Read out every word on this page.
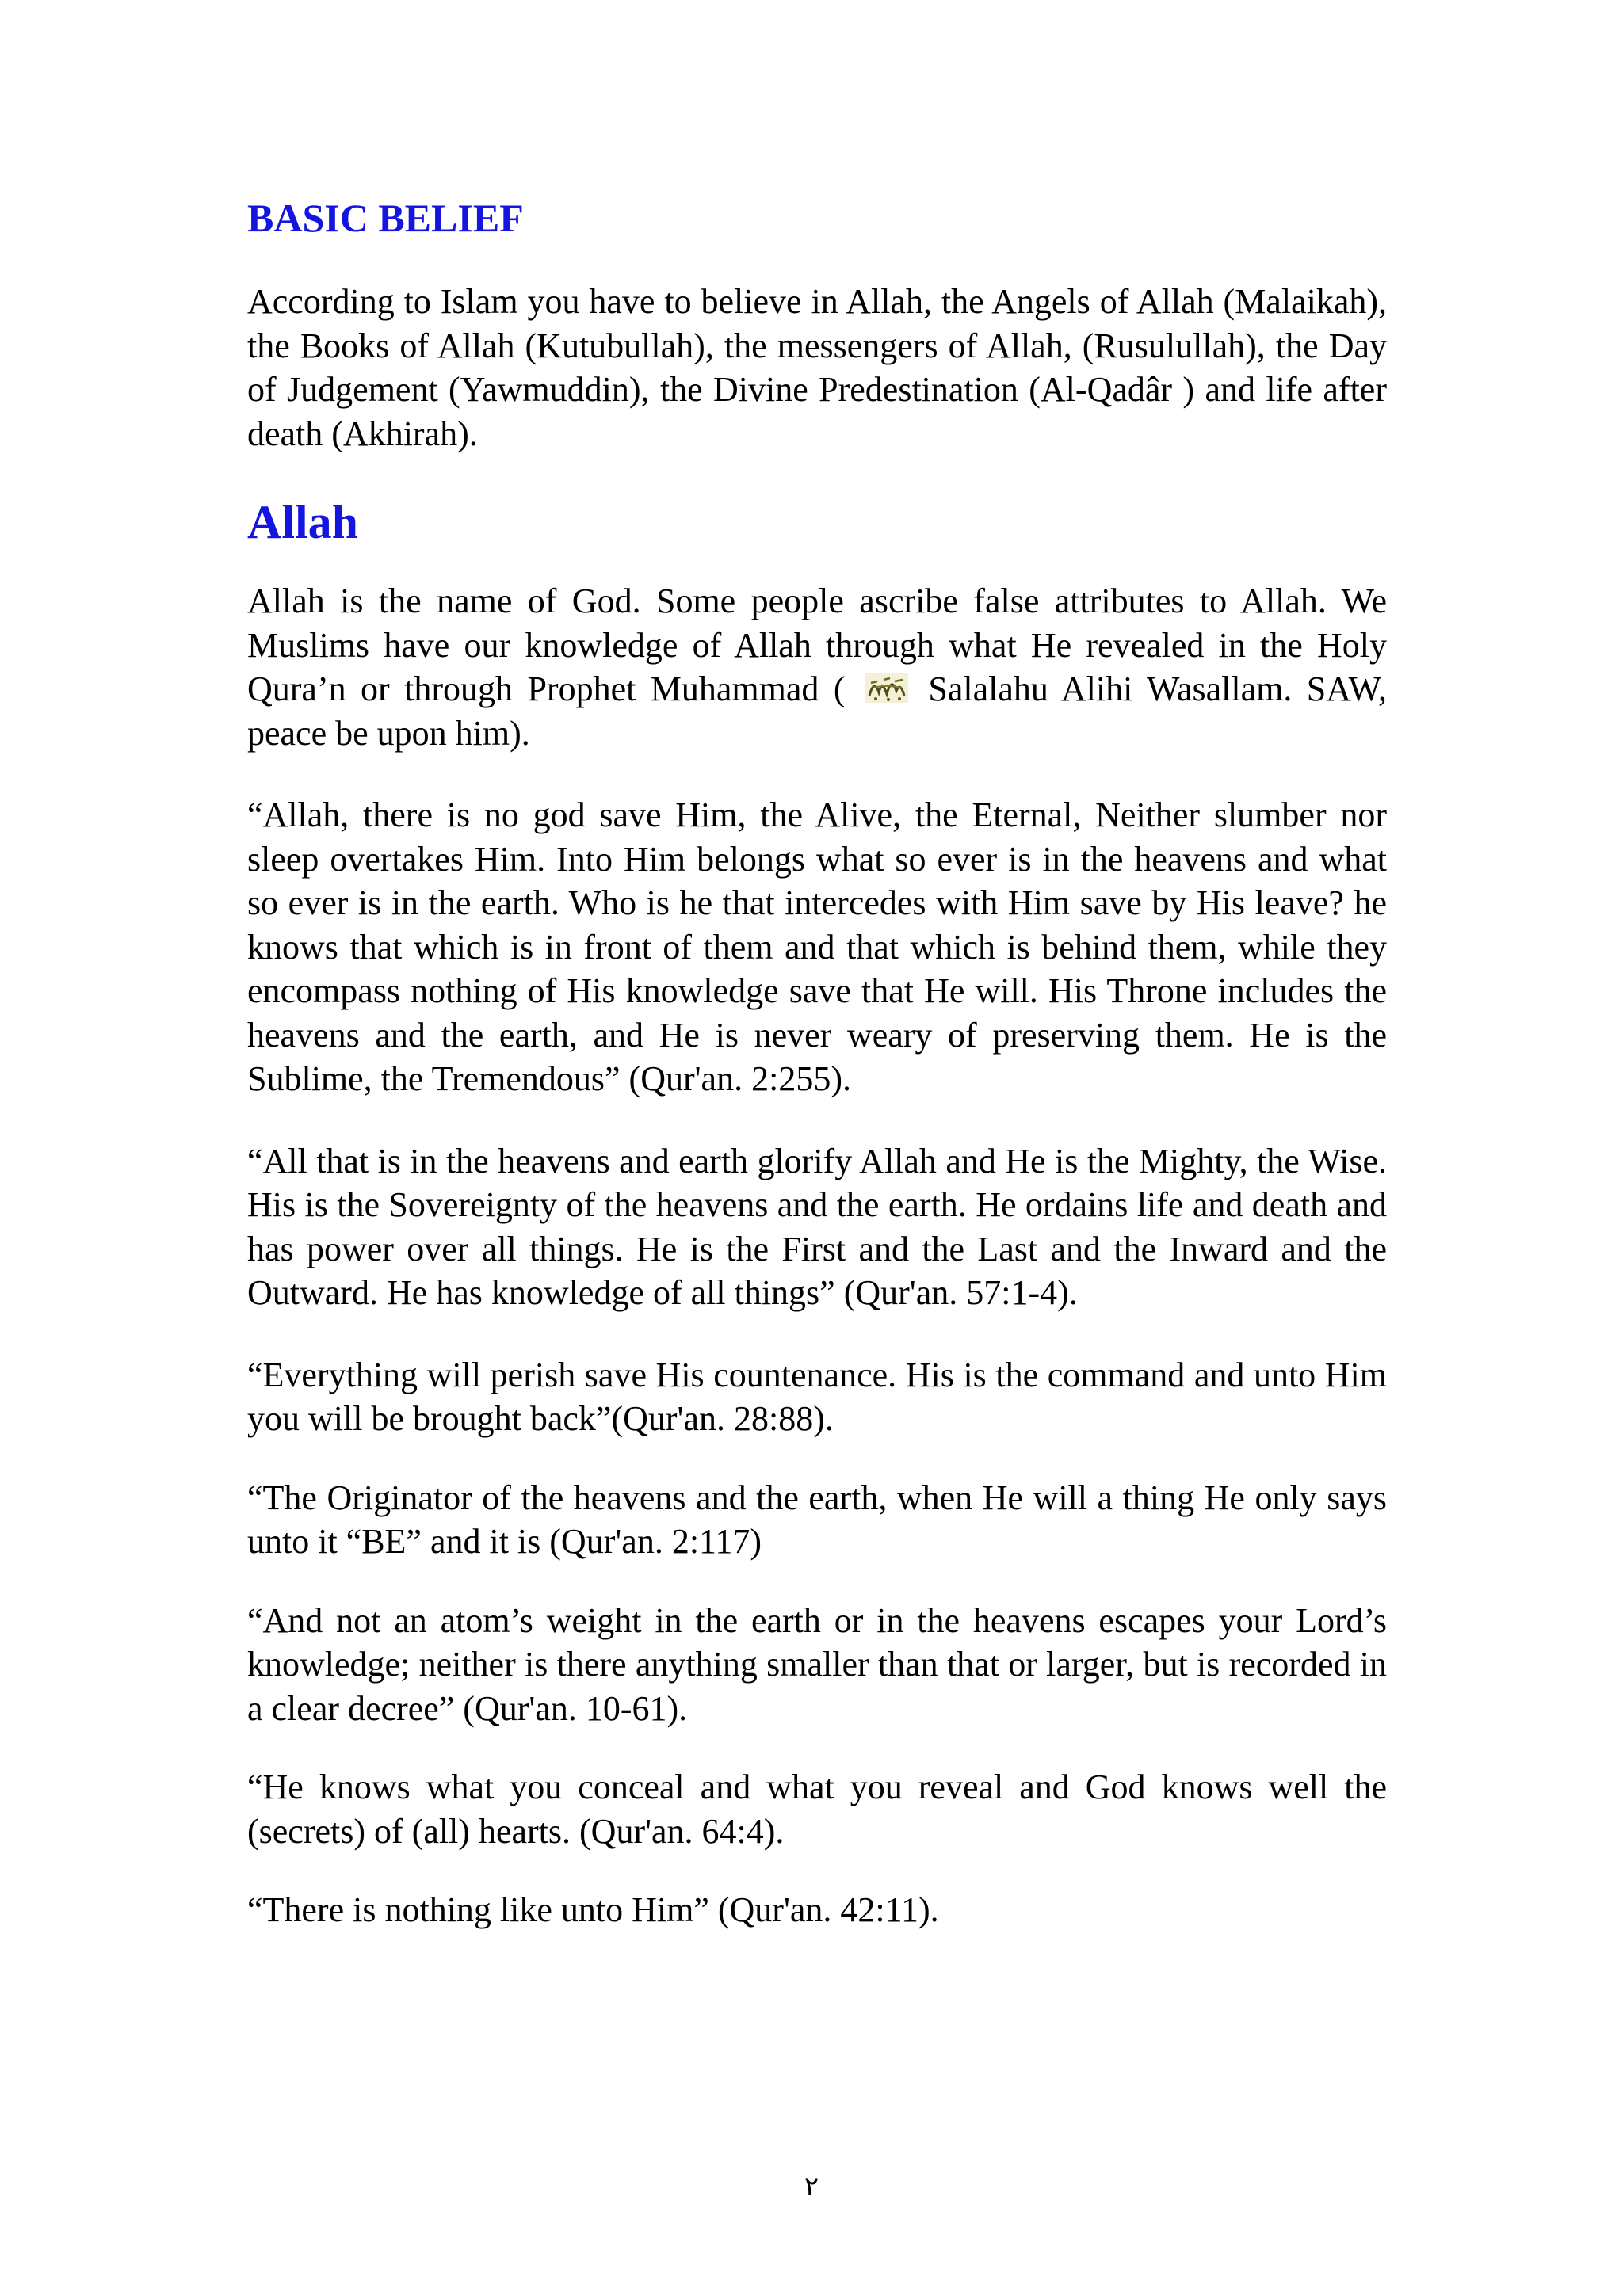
BASIC BELIEF

According to Islam you have to believe in Allah, the Angels of Allah (Malaikah), the Books of Allah (Kutubullah), the messengers of Allah, (Rusulullah), the Day of Judgement (Yawmuddin), the Divine Predestination (Al-Qadâr ) and life after death (Akhirah).

Allah

Allah is the name of God. Some people ascribe false attributes to Allah. We Muslims have our knowledge of Allah through what He revealed in the Holy Qura’n or through Prophet Muhammad ( Salalahu Alihi Wasallam. SAW, peace be upon him).

“Allah, there is no god save Him, the Alive, the Eternal, Neither slumber nor sleep overtakes Him. Into Him belongs what so ever is in the heavens and what so ever is in the earth. Who is he that intercedes with Him save by His leave? he knows that which is in front of them and that which is behind them, while they encompass nothing of His knowledge save that He will. His Throne includes the heavens and the earth, and He is never weary of preserving them. He is the Sublime, the Tremendous” (Qur'an. 2:255).

“All that is in the heavens and earth glorify Allah and He is the Mighty, the Wise. His is the Sovereignty of the heavens and the earth. He ordains life and death and has power over all things. He is the First and the Last and the Inward and the Outward. He has knowledge of all things” (Qur'an. 57:1-4).

“Everything will perish save His countenance. His is the command and unto Him you will be brought back”(Qur'an. 28:88).

“The Originator of the heavens and the earth, when He will a thing He only says unto it “BE” and it is (Qur'an. 2:117)

“And not an atom’s weight in the earth or in the heavens escapes your Lord’s knowledge; neither is there anything smaller than that or larger, but is recorded in a clear decree” (Qur'an. 10-61).

“He knows what you conceal and what you reveal and God knows well the (secrets) of (all) hearts. (Qur'an. 64:4).

“There is nothing like unto Him” (Qur'an. 42:11).

٢
